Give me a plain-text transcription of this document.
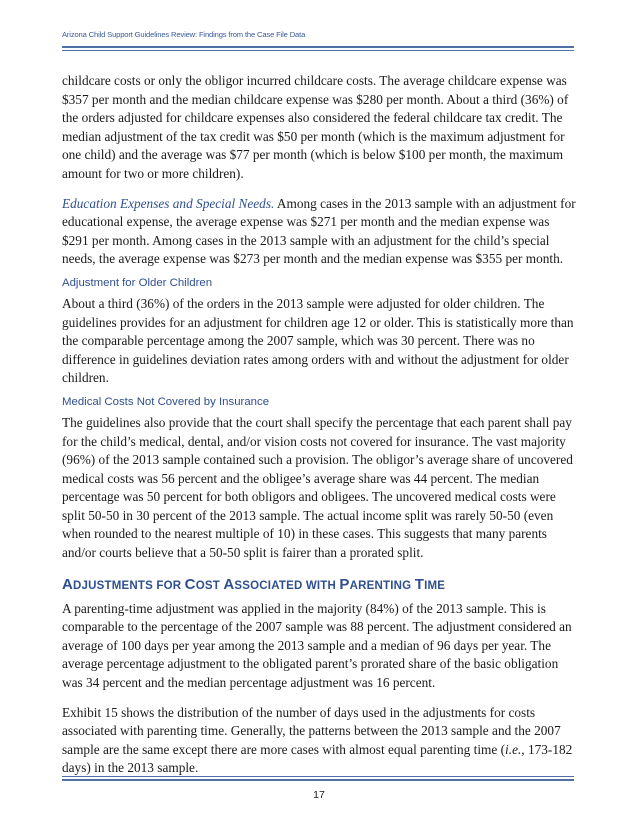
Arizona Child Support Guidelines Review: Findings from the Case File Data

childcare costs or only the obligor incurred childcare costs. The average childcare expense was $357 per month and the median childcare expense was $280 per month. About a third (36%) of the orders adjusted for childcare expenses also considered the federal childcare tax credit. The median adjustment of the tax credit was $50 per month (which is the maximum adjustment for one child) and the average was $77 per month (which is below $100 per month, the maximum amount for two or more children).

Education Expenses and Special Needs. Among cases in the 2013 sample with an adjustment for educational expense, the average expense was $271 per month and the median expense was $291 per month. Among cases in the 2013 sample with an adjustment for the child’s special needs, the average expense was $273 per month and the median expense was $355 per month.

Adjustment for Older Children

About a third (36%) of the orders in the 2013 sample were adjusted for older children. The guidelines provides for an adjustment for children age 12 or older. This is statistically more than the comparable percentage among the 2007 sample, which was 30 percent. There was no difference in guidelines deviation rates among orders with and without the adjustment for older children.

Medical Costs Not Covered by Insurance

The guidelines also provide that the court shall specify the percentage that each parent shall pay for the child’s medical, dental, and/or vision costs not covered for insurance. The vast majority (96%) of the 2013 sample contained such a provision. The obligor’s average share of uncovered medical costs was 56 percent and the obligee’s average share was 44 percent. The median percentage was 50 percent for both obligors and obligees. The uncovered medical costs were split 50-50 in 30 percent of the 2013 sample. The actual income split was rarely 50-50 (even when rounded to the nearest multiple of 10) in these cases. This suggests that many parents and/or courts believe that a 50-50 split is fairer than a prorated split.

ADJUSTMENTS FOR COST ASSOCIATED WITH PARENTING TIME

A parenting-time adjustment was applied in the majority (84%) of the 2013 sample. This is comparable to the percentage of the 2007 sample was 88 percent. The adjustment considered an average of 100 days per year among the 2013 sample and a median of 96 days per year. The average percentage adjustment to the obligated parent’s prorated share of the basic obligation was 34 percent and the median percentage adjustment was 16 percent.

Exhibit 15 shows the distribution of the number of days used in the adjustments for costs associated with parenting time. Generally, the patterns between the 2013 sample and the 2007 sample are the same except there are more cases with almost equal parenting time (i.e., 173-182 days) in the 2013 sample.

17
